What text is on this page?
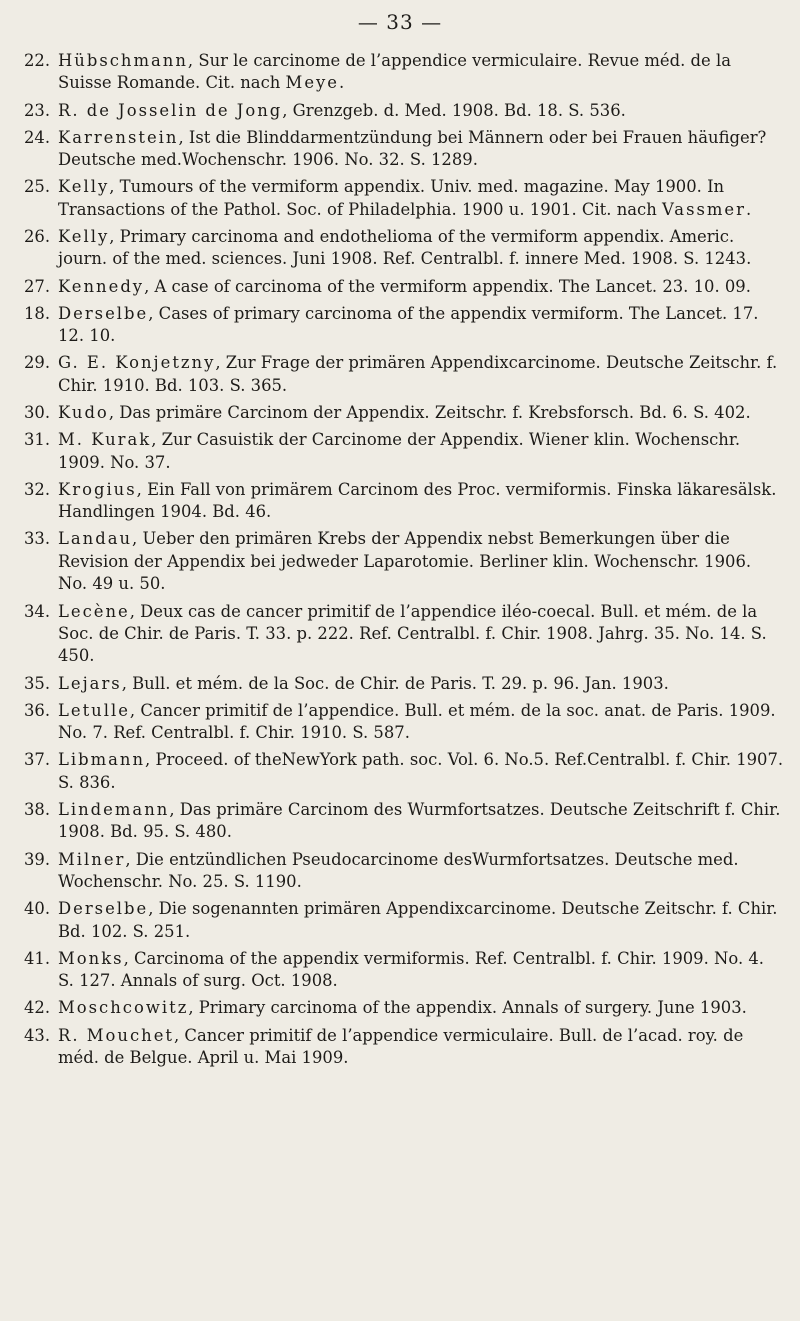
— 33 —
22. Hübschmann, Sur le carcinome de l’appendice vermiculaire. Revue méd. de la Suisse Romande. Cit. nach Meye.
23. R. de Josselin de Jong, Grenzgeb. d. Med. 1908. Bd. 18. S. 536.
24. Karrenstein, Ist die Blinddarmentzündung bei Männern oder bei Frauen häufiger? Deutsche med.Wochenschr. 1906. No. 32. S. 1289.
25. Kelly, Tumours of the vermiform appendix. Univ. med. magazine. May 1900. In Transactions of the Pathol. Soc. of Philadelphia. 1900 u. 1901. Cit. nach Vassmer.
26. Kelly, Primary carcinoma and endothelioma of the vermiform appendix. Americ. journ. of the med. sciences. Juni 1908. Ref. Centralbl. f. innere Med. 1908. S. 1243.
27. Kennedy, A case of carcinoma of the vermiform appendix. The Lancet. 23. 10. 09.
18. Derselbe, Cases of primary carcinoma of the appendix vermiform. The Lancet. 17. 12. 10.
29. G. E. Konjetzny, Zur Frage der primären Appendixcarcinome. Deutsche Zeitschr. f. Chir. 1910. Bd. 103. S. 365.
30. Kudo, Das primäre Carcinom der Appendix. Zeitschr. f. Krebsforsch. Bd. 6. S. 402.
31. M. Kurak, Zur Casuistik der Carcinome der Appendix. Wiener klin. Wochenschr. 1909. No. 37.
32. Krogius, Ein Fall von primärem Carcinom des Proc. vermiformis. Finska läkaresälsk. Handlingen 1904. Bd. 46.
33. Landau, Ueber den primären Krebs der Appendix nebst Bemerkungen über die Revision der Appendix bei jedweder Laparotomie. Berliner klin. Wochenschr. 1906. No. 49 u. 50.
34. Lecène, Deux cas de cancer primitif de l’appendice iléo-coecal. Bull. et mém. de la Soc. de Chir. de Paris. T. 33. p. 222. Ref. Centralbl. f. Chir. 1908. Jahrg. 35. No. 14. S. 450.
35. Lejars, Bull. et mém. de la Soc. de Chir. de Paris. T. 29. p. 96. Jan. 1903.
36. Letulle, Cancer primitif de l’appendice. Bull. et mém. de la soc. anat. de Paris. 1909. No. 7. Ref. Centralbl. f. Chir. 1910. S. 587.
37. Libmann, Proceed. of theNewYork path. soc. Vol. 6. No.5. Ref.Centralbl. f. Chir. 1907. S. 836.
38. Lindemann, Das primäre Carcinom des Wurmfortsatzes. Deutsche Zeitschrift f. Chir. 1908. Bd. 95. S. 480.
39. Milner, Die entzündlichen Pseudocarcinome desWurmfortsatzes. Deutsche med. Wochenschr. No. 25. S. 1190.
40. Derselbe, Die sogenannten primären Appendixcarcinome. Deutsche Zeitschr. f. Chir. Bd. 102. S. 251.
41. Monks, Carcinoma of the appendix vermiformis. Ref. Centralbl. f. Chir. 1909. No. 4. S. 127. Annals of surg. Oct. 1908.
42. Moschcowitz, Primary carcinoma of the appendix. Annals of surgery. June 1903.
43. R. Mouchet, Cancer primitif de l’appendice vermiculaire. Bull. de l’acad. roy. de méd. de Belgue. April u. Mai 1909.
